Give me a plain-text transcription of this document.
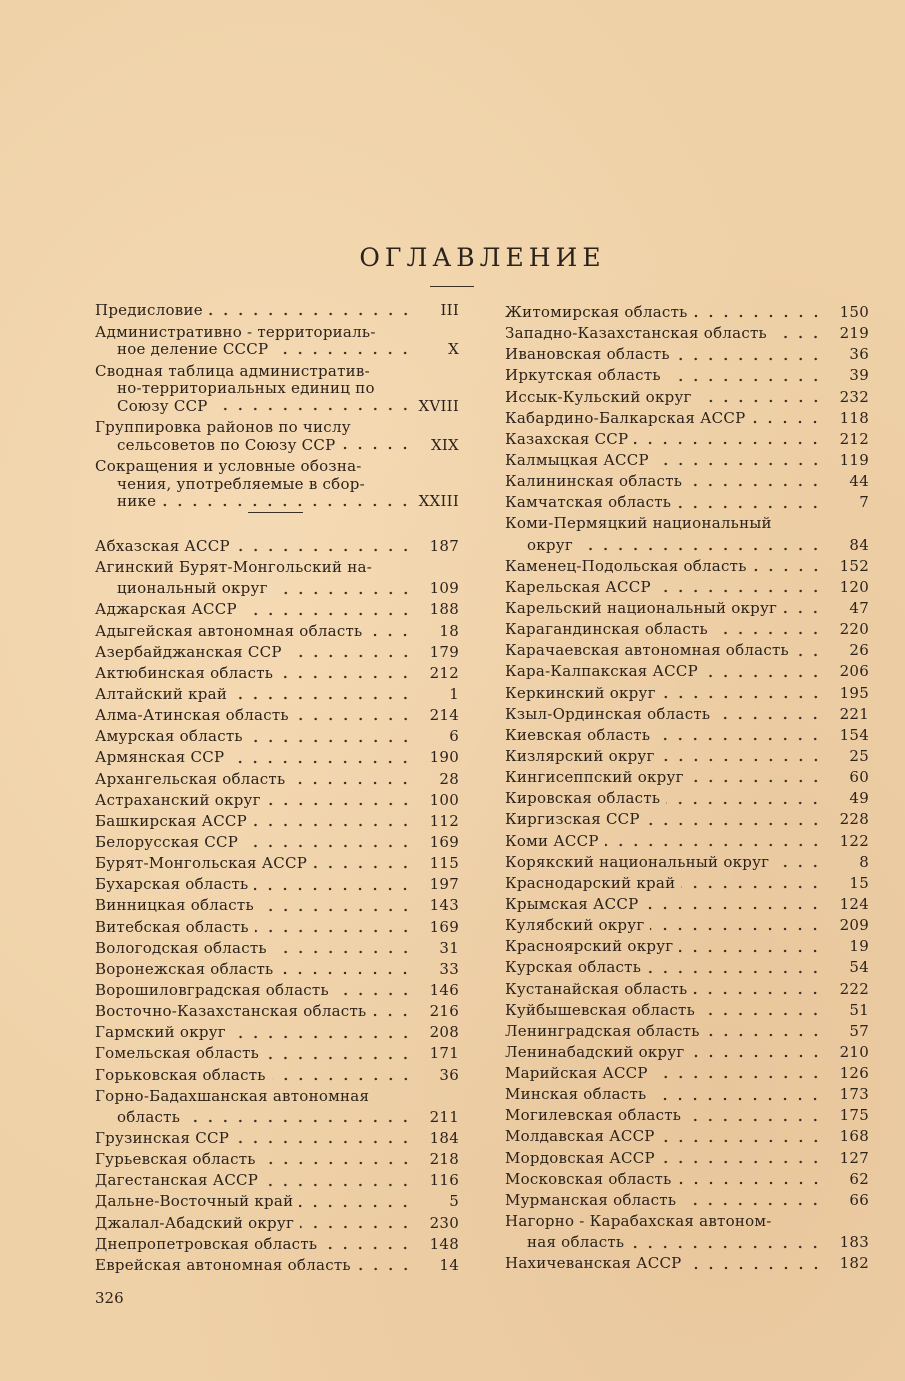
ОГЛАВЛЕНИЕ
Предисловие	III
Административно - территориаль-
ное деление СССР	X
Сводная таблица административ-
но-территориальных единиц по
Союзу ССР	XVIII
Группировка районов по числу
сельсоветов по Союзу ССР	XIX
Сокращения и условные обозна-
чения, употребляемые в сбор-
нике	XXIII
Абхазская АССР	187
Агинский Бурят-Монгольский на-
циональный округ	109
Аджарская АССР	188
Адыгейская автономная область	18
Азербайджанская ССР	179
Актюбинская область	212
Алтайский край	1
Алма-Атинская область	214
Амурская область	6
Армянская ССР	190
Архангельская область	28
Астраханский округ	100
Башкирская АССР	112
Белорусская ССР	169
Бурят-Монгольская АССР	115
Бухарская область	197
Винницкая область	143
Витебская область	169
Вологодская область	31
Воронежская область	33
Ворошиловградская область	146
Восточно-Казахстанская область	216
Гармский округ	208
Гомельская область	171
Горьковская область	36
Горно-Бадахшанская автономная
область	211
Грузинская ССР	184
Гурьевская область	218
Дагестанская АССР	116
Дальне-Восточный край	5
Джалал-Абадский округ	230
Днепропетровская область	148
Еврейская автономная область	14
Житомирская область	150
Западно-Казахстанская область	219
Ивановская область	36
Иркутская область	39
Иссык-Кульский округ	232
Кабардино-Балкарская АССР	118
Казахская ССР	212
Калмыцкая АССР	119
Калининская область	44
Камчатская область	7
Коми-Пермяцкий национальный
округ	84
Каменец-Подольская область	152
Карельская АССР	120
Карельский национальный округ	47
Карагандинская область	220
Карачаевская автономная область	26
Кара-Калпакская АССР	206
Керкинский округ	195
Кзыл-Ординская область	221
Киевская область	154
Кизлярский округ	25
Кингисеппский округ	60
Кировская область	49
Киргизская ССР	228
Коми АССР	122
Корякский национальный округ	8
Краснодарский край	15
Крымская АССР	124
Кулябский округ	209
Красноярский округ	19
Курская область	54
Кустанайская область	222
Куйбышевская область	51
Ленинградская область	57
Ленинабадский округ	210
Марийская АССР	126
Минская область	173
Могилевская область	175
Молдавская АССР	168
Мордовская АССР	127
Московская область	62
Мурманская область	66
Нагорно - Карабахская автоном-
ная область	183
Нахичеванская АССР	182
326
